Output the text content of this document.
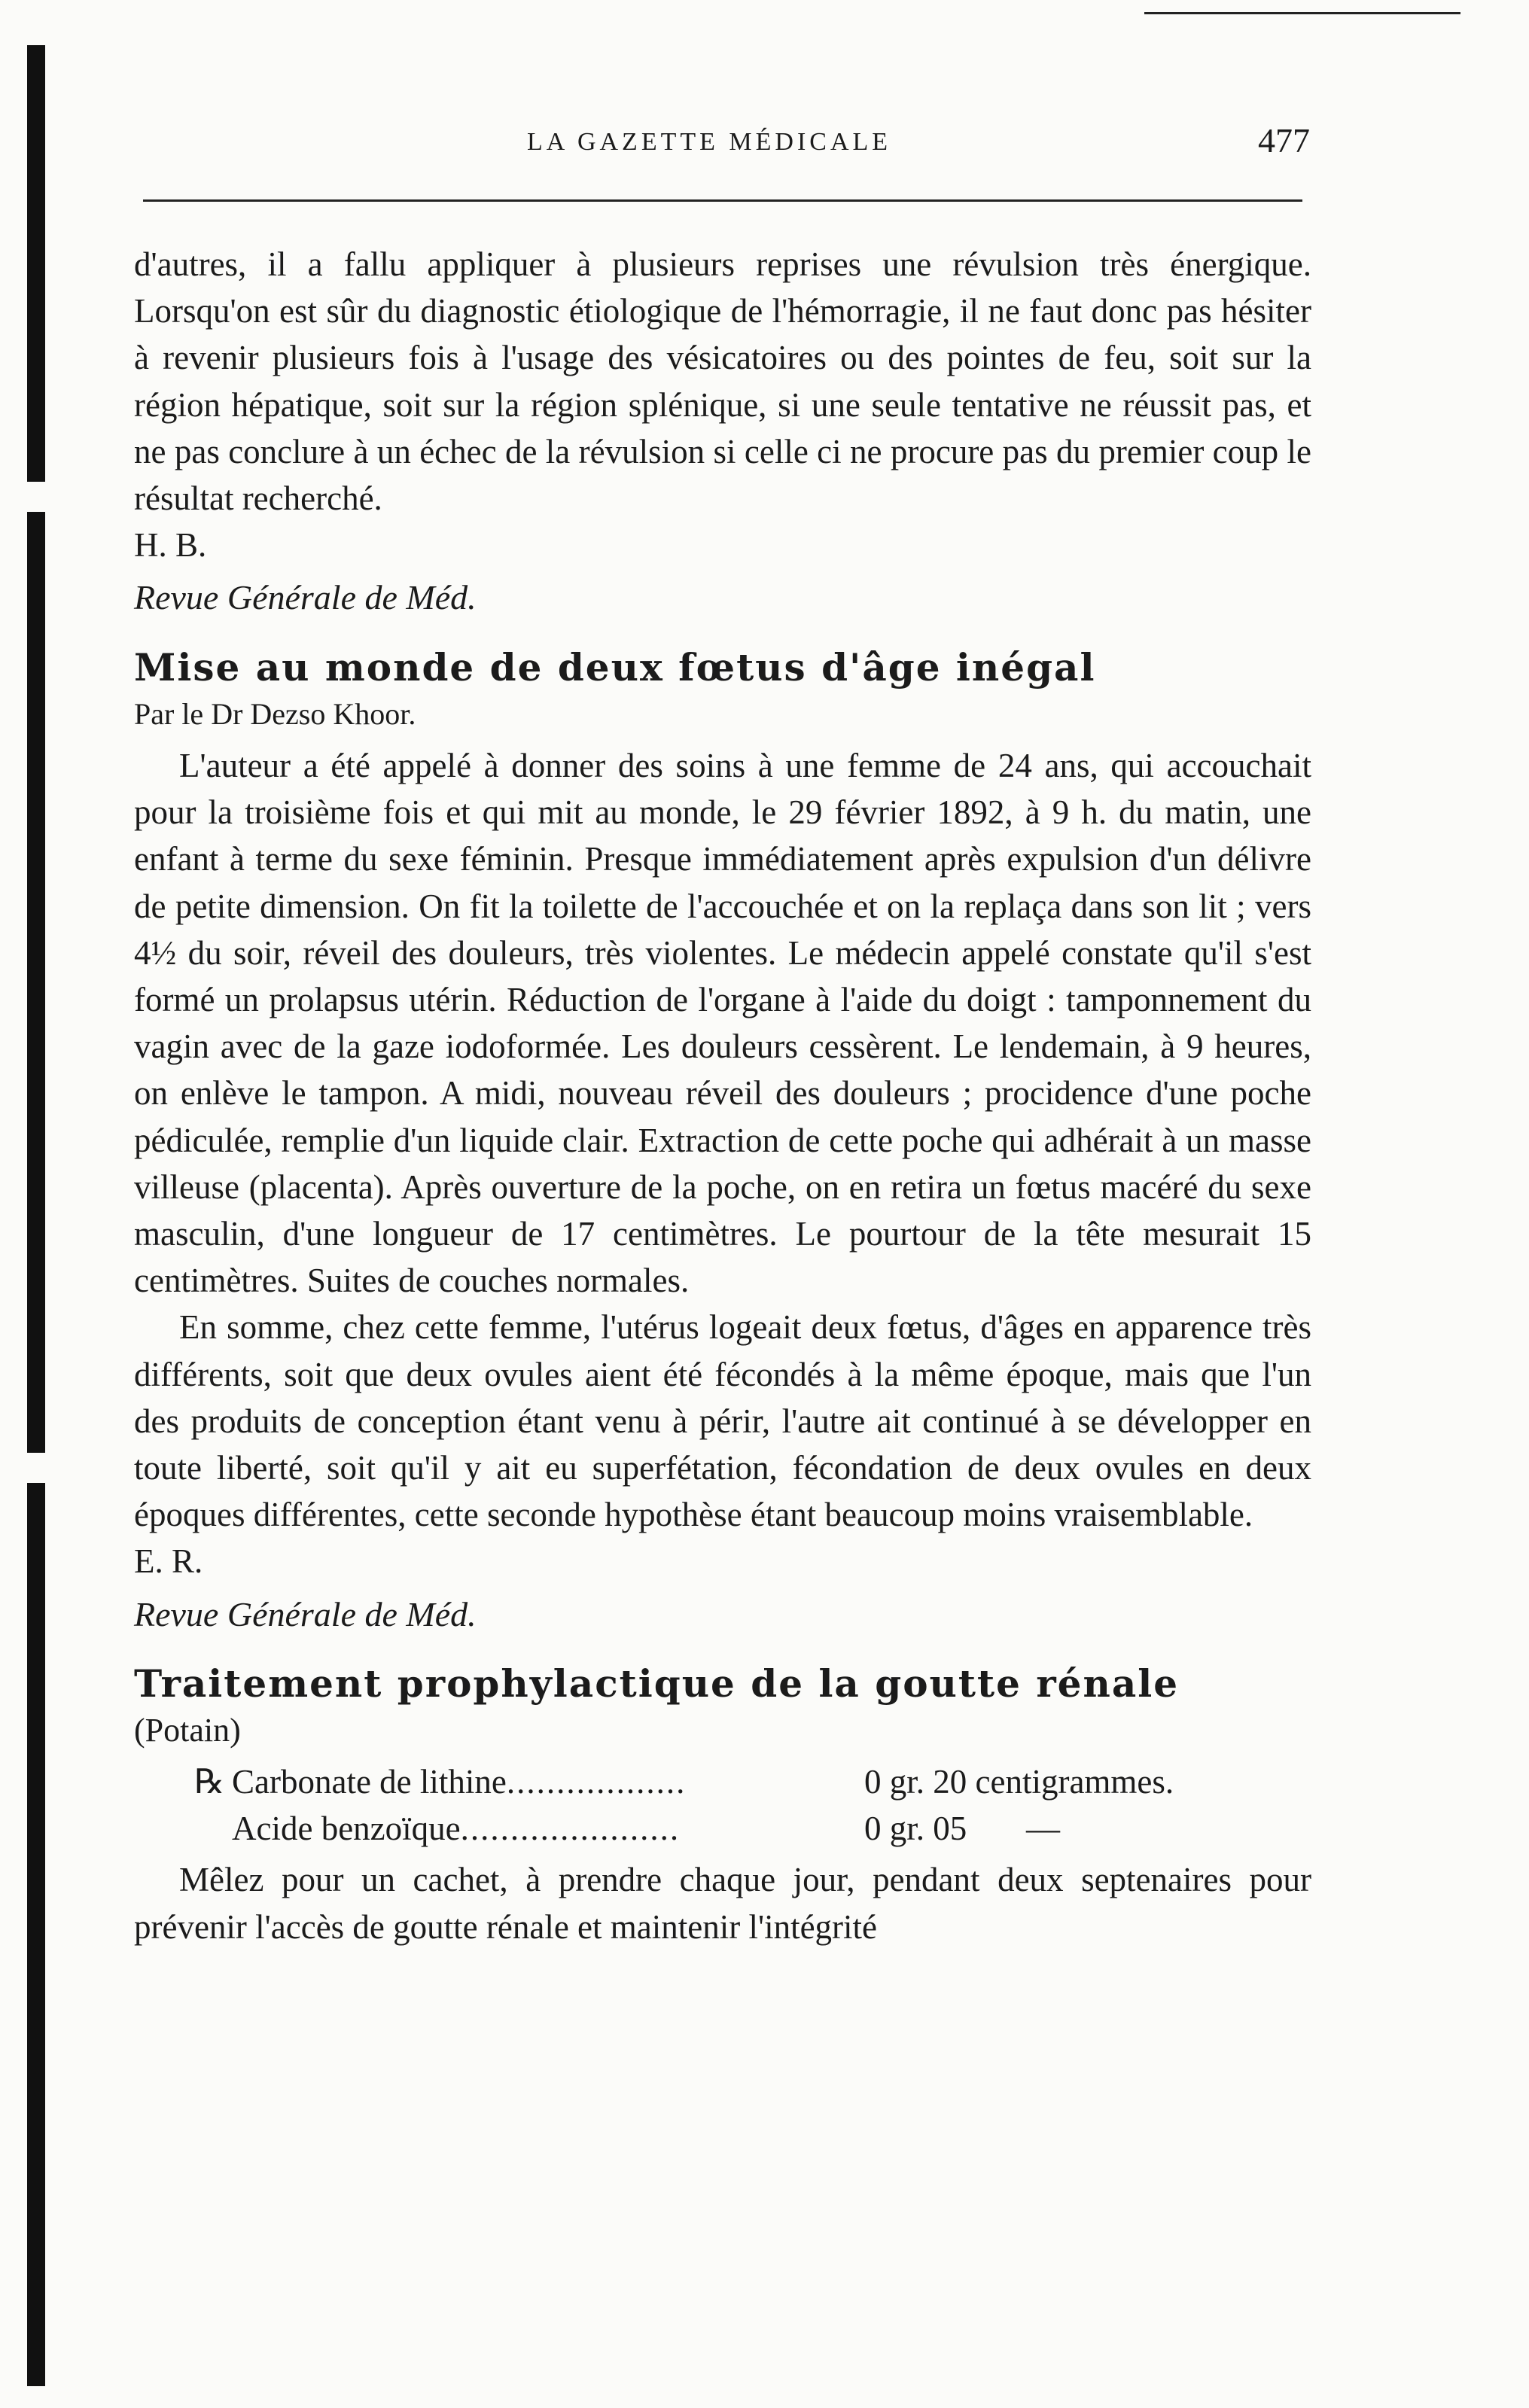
LA GAZETTE MÉDICALE	477

d'autres, il a fallu appliquer à plusieurs reprises une révulsion très énergique. Lorsqu'on est sûr du diagnostic étiologique de l'hémorragie, il ne faut donc pas hésiter à revenir plusieurs fois à l'usage des vésicatoires ou des pointes de feu, soit sur la région hépatique, soit sur la région splénique, si une seule tentative ne réussit pas, et ne pas conclure à un échec de la révulsion si celle ci ne procure pas du premier coup le résultat recherché.

H. B.

Revue Générale de Méd.

Mise au monde de deux fœtus d'âge inégal

Par le Dr Dezso Khoor.

L'auteur a été appelé à donner des soins à une femme de 24 ans, qui accouchait pour la troisième fois et qui mit au monde, le 29 février 1892, à 9 h. du matin, une enfant à terme du sexe féminin. Presque immédiatement après expulsion d'un délivre de petite dimension. On fit la toilette de l'accouchée et on la replaça dans son lit ; vers 4½ du soir, réveil des douleurs, très violentes. Le médecin appelé constate qu'il s'est formé un prolapsus utérin. Réduction de l'organe à l'aide du doigt : tamponnement du vagin avec de la gaze iodoformée. Les douleurs cessèrent. Le lendemain, à 9 heures, on enlève le tampon. A midi, nouveau réveil des douleurs ; procidence d'une poche pédiculée, remplie d'un liquide clair. Extraction de cette poche qui adhérait à un masse villeuse (placenta). Après ouverture de la poche, on en retira un fœtus macéré du sexe masculin, d'une longueur de 17 centimètres. Le pourtour de la tête mesurait 15 centimètres. Suites de couches normales.

En somme, chez cette femme, l'utérus logeait deux fœtus, d'âges en apparence très différents, soit que deux ovules aient été fécondés à la même époque, mais que l'un des produits de conception étant venu à périr, l'autre ait continué à se développer en toute liberté, soit qu'il y ait eu superfétation, fécondation de deux ovules en deux époques différentes, cette seconde hypothèse étant beaucoup moins vraisemblable.

E. R.

Revue Générale de Méd.

Traitement prophylactique de la goutte rénale

(Potain)

℞	Carbonate de lithine..................	0 gr. 20 centigrammes.
	Acide benzoïque......................	0 gr. 05       —

Mêlez pour un cachet, à prendre chaque jour, pendant deux septenaires pour prévenir l'accès de goutte rénale et maintenir l'intégrité
